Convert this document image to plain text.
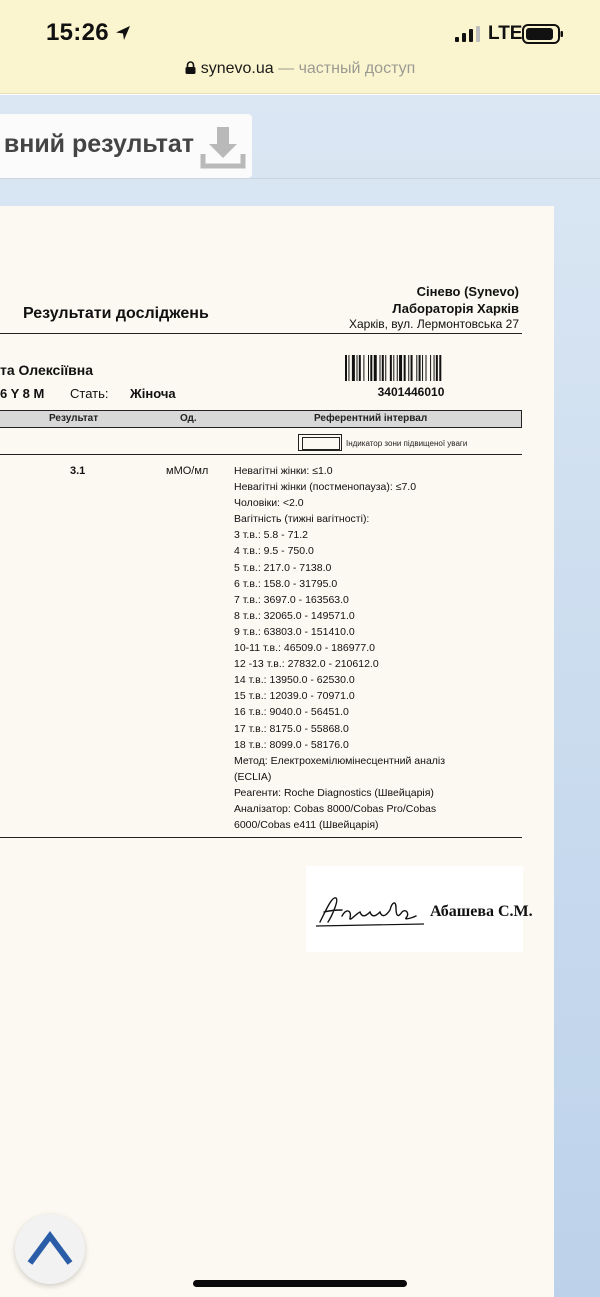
15:26	LTE
synevo.ua — частный доступ
вний результат
Сінево (Synevo)
Лабораторія Харків
Харків, вул. Лермонтовська 27
Результати досліджень
та Олексіївна
6 Y 8 M Стать: Жіноча	3401446010
Результат	Од.	Референтний інтервал
Індикатор зони підвищеної уваги
3.1	мМО/мл Невагітні жінки: ≤1.0
Невагітні жінки (постменопауза): ≤7.0
Чоловіки: <2.0
Вагітність (тижні вагітності):
3 т.в.: 5.8 - 71.2
4 т.в.: 9.5 - 750.0
5 т.в.: 217.0 - 7138.0
6 т.в.: 158.0 - 31795.0
7 т.в.: 3697.0 - 163563.0
8 т.в.: 32065.0 - 149571.0
9 т.в.: 63803.0 - 151410.0
10-11 т.в.: 46509.0 - 186977.0
12 -13 т.в.: 27832.0 - 210612.0
14 т.в.: 13950.0 - 62530.0
15 т.в.: 12039.0 - 70971.0
16 т.в.: 9040.0 - 56451.0
17 т.в.: 8175.0 - 55868.0
18 т.в.: 8099.0 - 58176.0
Метод: Електрохемілюмінесцентний аналіз
(ECLIA)
Реагенти: Roche Diagnostics (Швейцарія)
Аналізатор: Cobas 8000/Cobas Pro/Cobas
6000/Cobas e411 (Швейцарія)
Абашева С.М.
